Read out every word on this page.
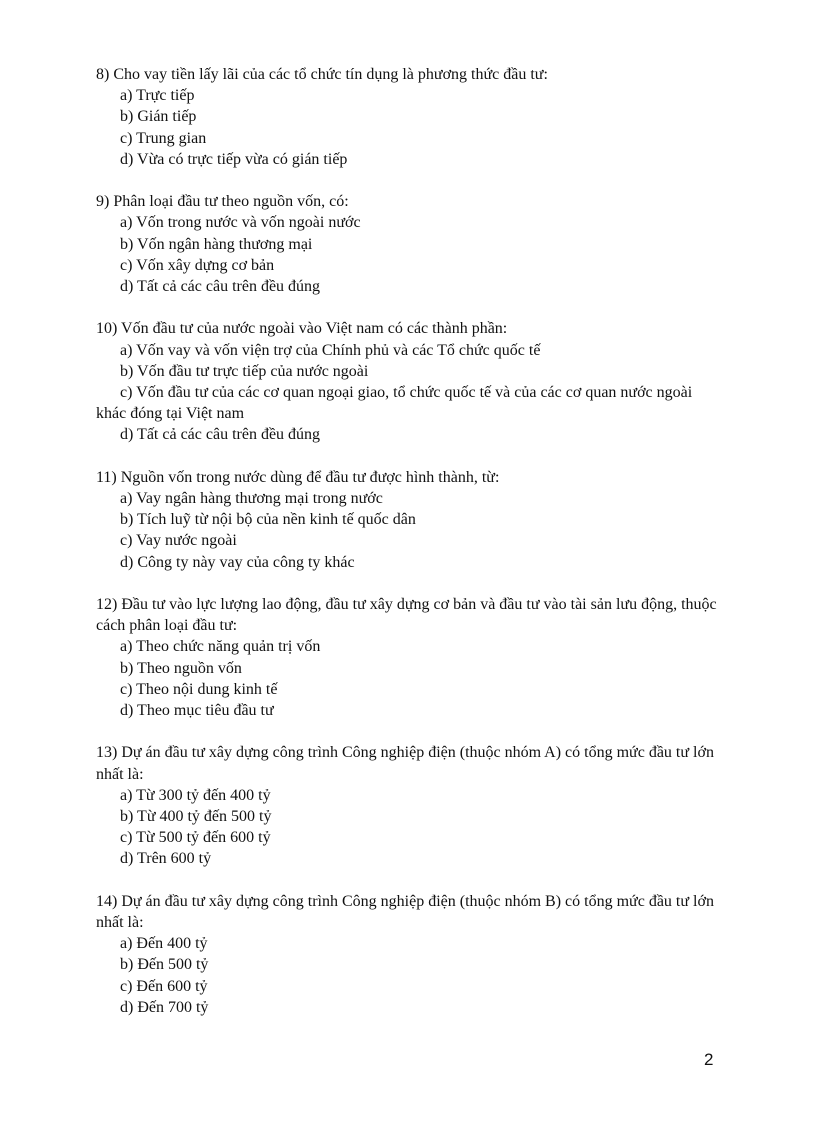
8) Cho vay tiền lấy lãi của các tổ chức tín dụng là phương thức đầu tư:

a) Trực tiếp

b) Gián tiếp

c) Trung gian

d) Vừa có trực tiếp vừa có gián tiếp

9) Phân loại đầu tư theo nguồn vốn, có:

a) Vốn trong nước và vốn ngoài nước

b) Vốn ngân hàng thương mại

c) Vốn xây dựng cơ bản

d) Tất cả các câu trên đều đúng

10) Vốn đầu tư của nước ngoài vào Việt nam có các thành phần:

a) Vốn vay và vốn viện trợ của Chính phủ và các Tổ chức quốc tế

b) Vốn đầu tư trực tiếp của nước ngoài

c) Vốn đầu tư của các cơ quan ngoại giao, tổ chức quốc tế và của các cơ quan nước ngoài khác đóng tại Việt nam

d) Tất cả các câu trên đều đúng

11) Nguồn vốn trong nước dùng để đầu tư được hình thành, từ:

a) Vay ngân hàng thương mại trong nước

b) Tích luỹ từ nội bộ của nền kinh tế quốc dân

c) Vay nước ngoài

d) Công ty này vay của công ty khác

12) Đầu tư vào lực lượng lao động, đầu tư xây dựng cơ bản và đầu tư vào tài sản lưu động, thuộc cách phân loại đầu tư:

a) Theo chức năng quản trị vốn

b) Theo nguồn vốn

c) Theo nội dung kinh tế

d) Theo mục tiêu đầu tư

13) Dự án đầu tư xây dựng công trình Công nghiệp điện (thuộc nhóm A) có tổng mức đầu tư lớn nhất là:

a) Từ 300 tỷ đến 400 tỷ

b) Từ 400 tỷ đến 500 tỷ

c) Từ 500 tỷ đến 600 tỷ

d) Trên 600 tỷ

14) Dự án đầu tư xây dựng công trình Công nghiệp điện (thuộc nhóm B) có tổng mức đầu tư lớn nhất là:

a) Đến 400 tỷ

b) Đến 500 tỷ

c) Đến 600 tỷ

d) Đến 700 tỷ

2
